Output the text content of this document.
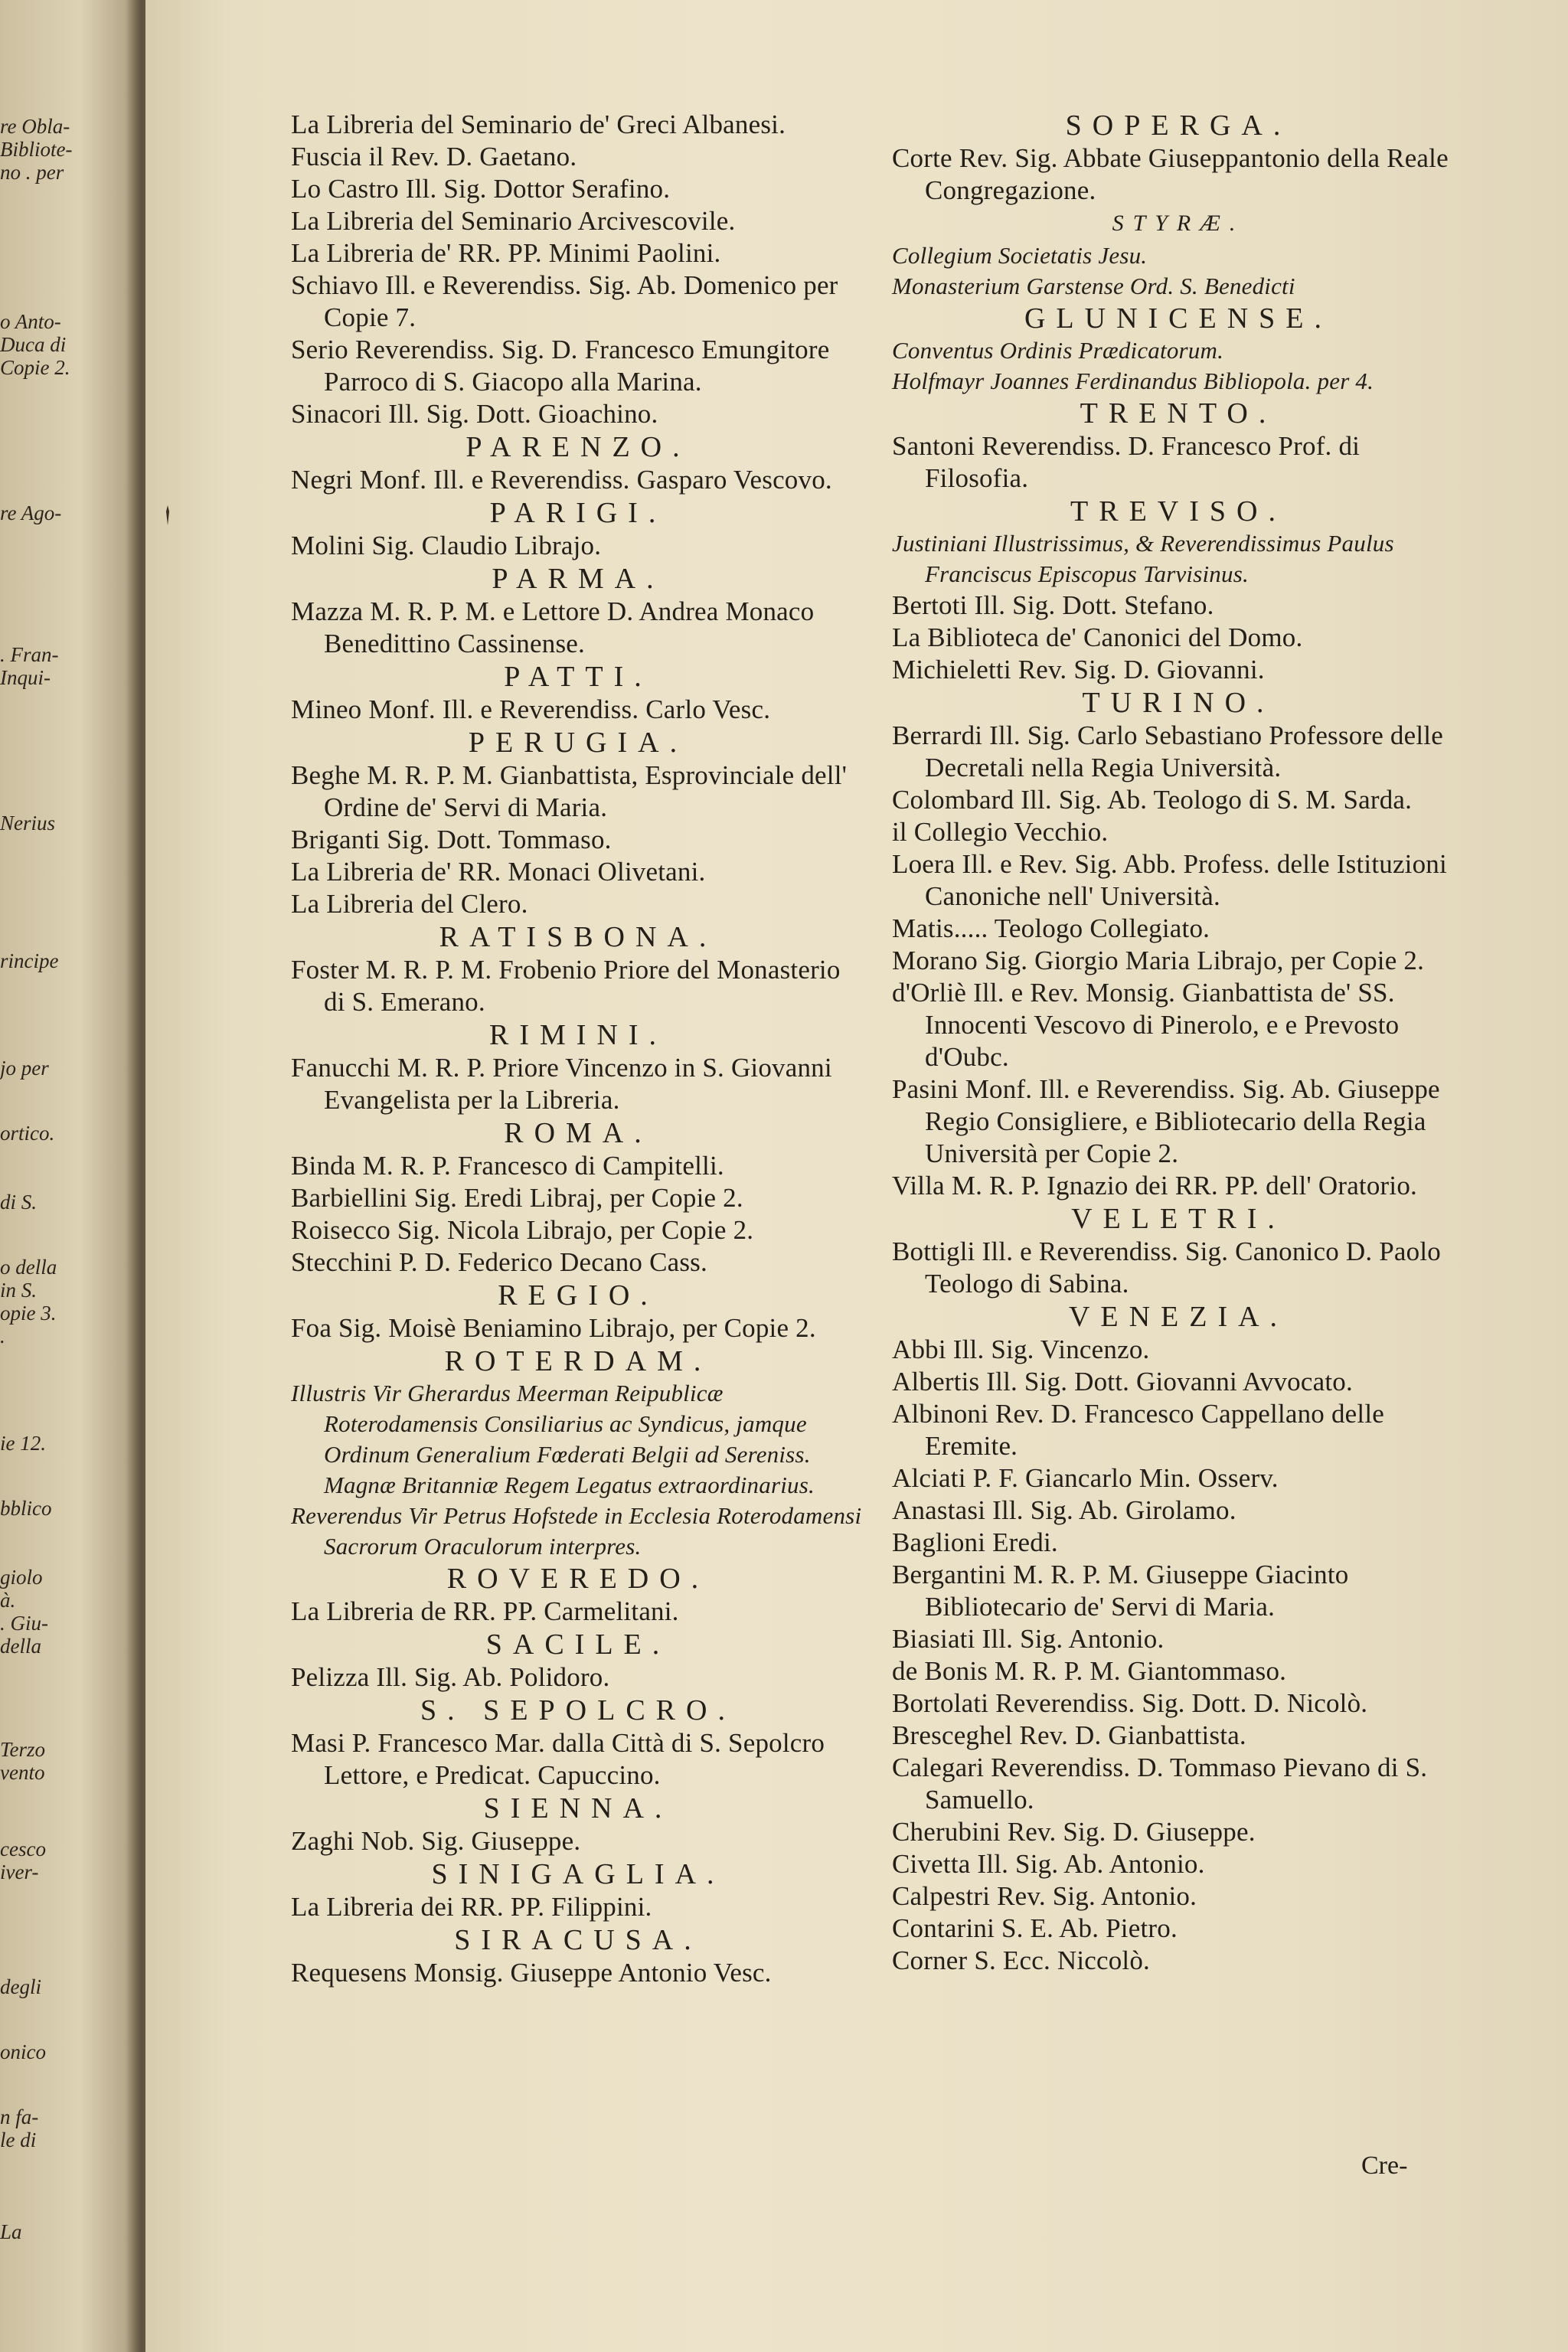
re Obla-
Bibliote-
no . per
o Anto-
Duca di
Copie 2.
re Ago-
. Fran-
Inqui-
Nerius
rincipe
jo per
ortico.
di S.
o della
in S.
opie 3.
.
ie 12.
bblico
giolo
à.
. Giu-
della
Terzo
vento
cesco
iver-
degli
onico
n fa-
le di
La

La Libreria del Seminario de' Greci Albanesi.

Fuscia il Rev. D. Gaetano.

Lo Castro Ill. Sig. Dottor Serafino.

La Libreria del Seminario Arcivescovile.

La Libreria de' RR. PP. Minimi Paolini.

Schiavo Ill. e Reverendiss. Sig. Ab. Domenico per Copie 7.

Serio Reverendiss. Sig. D. Francesco Emungitore Parroco di S. Giacopo alla Marina.

Sinacori Ill. Sig. Dott. Gioachino.

PARENZO.

Negri Monf. Ill. e Reverendiss. Gasparo Vescovo.

PARIGI.

Molini Sig. Claudio Librajo.

PARMA.

Mazza M. R. P. M. e Lettore D. Andrea Monaco Benedittino Cassinense.

PATTI.

Mineo Monf. Ill. e Reverendiss. Carlo Vesc.

PERUGIA.

Beghe M. R. P. M. Gianbattista, Esprovinciale dell' Ordine de' Servi di Maria.

Briganti Sig. Dott. Tommaso.

La Libreria de' RR. Monaci Olivetani.

La Libreria del Clero.

RATISBONA.

Foster M. R. P. M. Frobenio Priore del Monasterio di S. Emerano.

RIMINI.

Fanucchi M. R. P. Priore Vincenzo in S. Giovanni Evangelista per la Libreria.

ROMA.

Binda M. R. P. Francesco di Campitelli.

Barbiellini Sig. Eredi Libraj, per Copie 2.

Roisecco Sig. Nicola Librajo, per Copie 2.

Stecchini P. D. Federico Decano Cass.

REGIO.

Foa Sig. Moisè Beniamino Librajo, per Copie 2.

ROTERDAM.

Illustris Vir Gherardus Meerman Reipublicæ Roterodamensis Consiliarius ac Syndicus, jamque Ordinum Generalium Fœderati Belgii ad Sereniss. Magnæ Britanniæ Regem Legatus extraordinarius.

Reverendus Vir Petrus Hofstede in Ecclesia Roterodamensi Sacrorum Oraculorum interpres.

ROVEREDO.

La Libreria de RR. PP. Carmelitani.

SACILE.

Pelizza Ill. Sig. Ab. Polidoro.

S. SEPOLCRO.

Masi P. Francesco Mar. dalla Città di S. Sepolcro Lettore, e Predicat. Capuccino.

SIENNA.

Zaghi Nob. Sig. Giuseppe.

SINIGAGLIA.

La Libreria dei RR. PP. Filippini.

SIRACUSA.

Requesens Monsig. Giuseppe Antonio Vesc.

SOPERGA.

Corte Rev. Sig. Abbate Giuseppantonio della Reale Congregazione.

STYRÆ.

Collegium Societatis Jesu.

Monasterium Garstense Ord. S. Benedicti

GLUNICENSE.

Conventus Ordinis Prædicatorum.

Holfmayr Joannes Ferdinandus Bibliopola. per 4.

TRENTO.

Santoni Reverendiss. D. Francesco Prof. di Filosofia.

TREVISO.

Justiniani Illustrissimus, & Reverendissimus Paulus Franciscus Episcopus Tarvisinus.

Bertoti Ill. Sig. Dott. Stefano.

La Biblioteca de' Canonici del Domo.

Michieletti Rev. Sig. D. Giovanni.

TURINO.

Berrardi Ill. Sig. Carlo Sebastiano Professore delle Decretali nella Regia Università.

Colombard Ill. Sig. Ab. Teologo di S. M. Sarda.

il Collegio Vecchio.

Loera Ill. e Rev. Sig. Abb. Profess. delle Istituzioni Canoniche nell' Università.

Matis..... Teologo Collegiato.

Morano Sig. Giorgio Maria Librajo, per Copie 2.

d'Orliè Ill. e Rev. Monsig. Gianbattista de' SS. Innocenti Vescovo di Pinerolo, e e Prevosto d'Oubc.

Pasini Monf. Ill. e Reverendiss. Sig. Ab. Giuseppe Regio Consigliere, e Bibliotecario della Regia Università per Copie 2.

Villa M. R. P. Ignazio dei RR. PP. dell' Oratorio.

VELETRI.

Bottigli Ill. e Reverendiss. Sig. Canonico D. Paolo Teologo di Sabina.

VENEZIA.

Abbi Ill. Sig. Vincenzo.

Albertis Ill. Sig. Dott. Giovanni Avvocato.

Albinoni Rev. D. Francesco Cappellano delle Eremite.

Alciati P. F. Giancarlo Min. Osserv.

Anastasi Ill. Sig. Ab. Girolamo.

Baglioni Eredi.

Bergantini M. R. P. M. Giuseppe Giacinto Bibliotecario de' Servi di Maria.

Biasiati Ill. Sig. Antonio.

de Bonis M. R. P. M. Giantommaso.

Bortolati Reverendiss. Sig. Dott. D. Nicolò.

Bresceghel Rev. D. Gianbattista.

Calegari Reverendiss. D. Tommaso Pievano di S. Samuello.

Cherubini Rev. Sig. D. Giuseppe.

Civetta Ill. Sig. Ab. Antonio.

Calpestri Rev. Sig. Antonio.

Contarini S. E. Ab. Pietro.

Corner S. Ecc. Niccolò.

Cre-
